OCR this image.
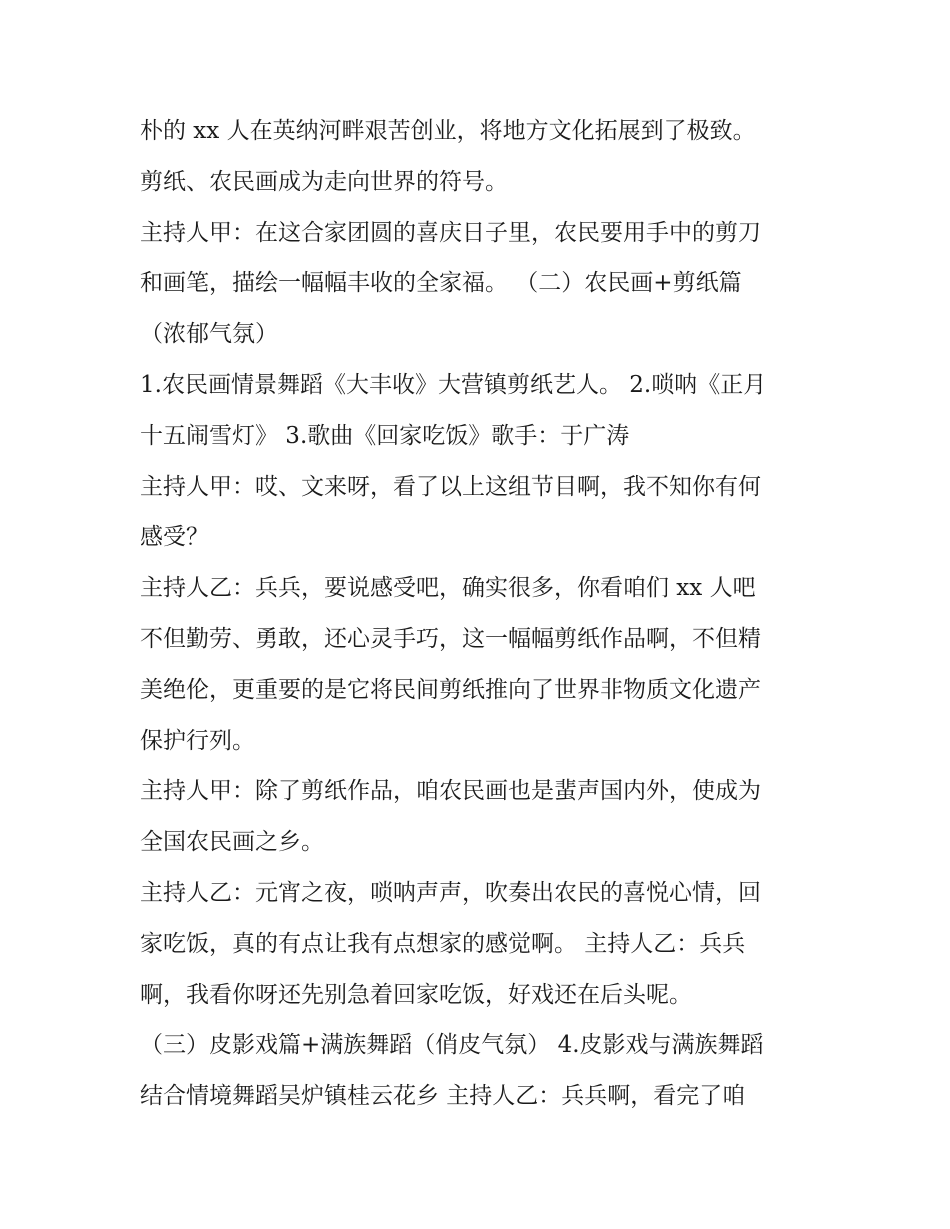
朴的 xx 人在英纳河畔艰苦创业，将地方文化拓展到了极致。
剪纸、农民画成为走向世界的符号。
主持人甲：在这合家团圆的喜庆日子里，农民要用手中的剪刀
和画笔，描绘一幅幅丰收的全家福。 （二）农民画+剪纸篇
（浓郁气氛）
1.农民画情景舞蹈《大丰收》大营镇剪纸艺人。 2.唢呐《正月
十五闹雪灯》 3.歌曲《回家吃饭》歌手：于广涛
主持人甲：哎、文来呀，看了以上这组节目啊，我不知你有何
感受？
主持人乙：兵兵，要说感受吧，确实很多，你看咱们 xx 人吧
不但勤劳、勇敢，还心灵手巧，这一幅幅剪纸作品啊，不但精
美绝伦，更重要的是它将民间剪纸推向了世界非物质文化遗产
保护行列。
主持人甲：除了剪纸作品，咱农民画也是蜚声国内外，使成为
全国农民画之乡。
主持人乙：元宵之夜，唢呐声声，吹奏出农民的喜悦心情，回
家吃饭，真的有点让我有点想家的感觉啊。 主持人乙：兵兵
啊，我看你呀还先别急着回家吃饭，好戏还在后头呢。
（三）皮影戏篇+满族舞蹈（俏皮气氛） 4.皮影戏与满族舞蹈
结合情境舞蹈吴炉镇桂云花乡 主持人乙：兵兵啊，看完了咱
